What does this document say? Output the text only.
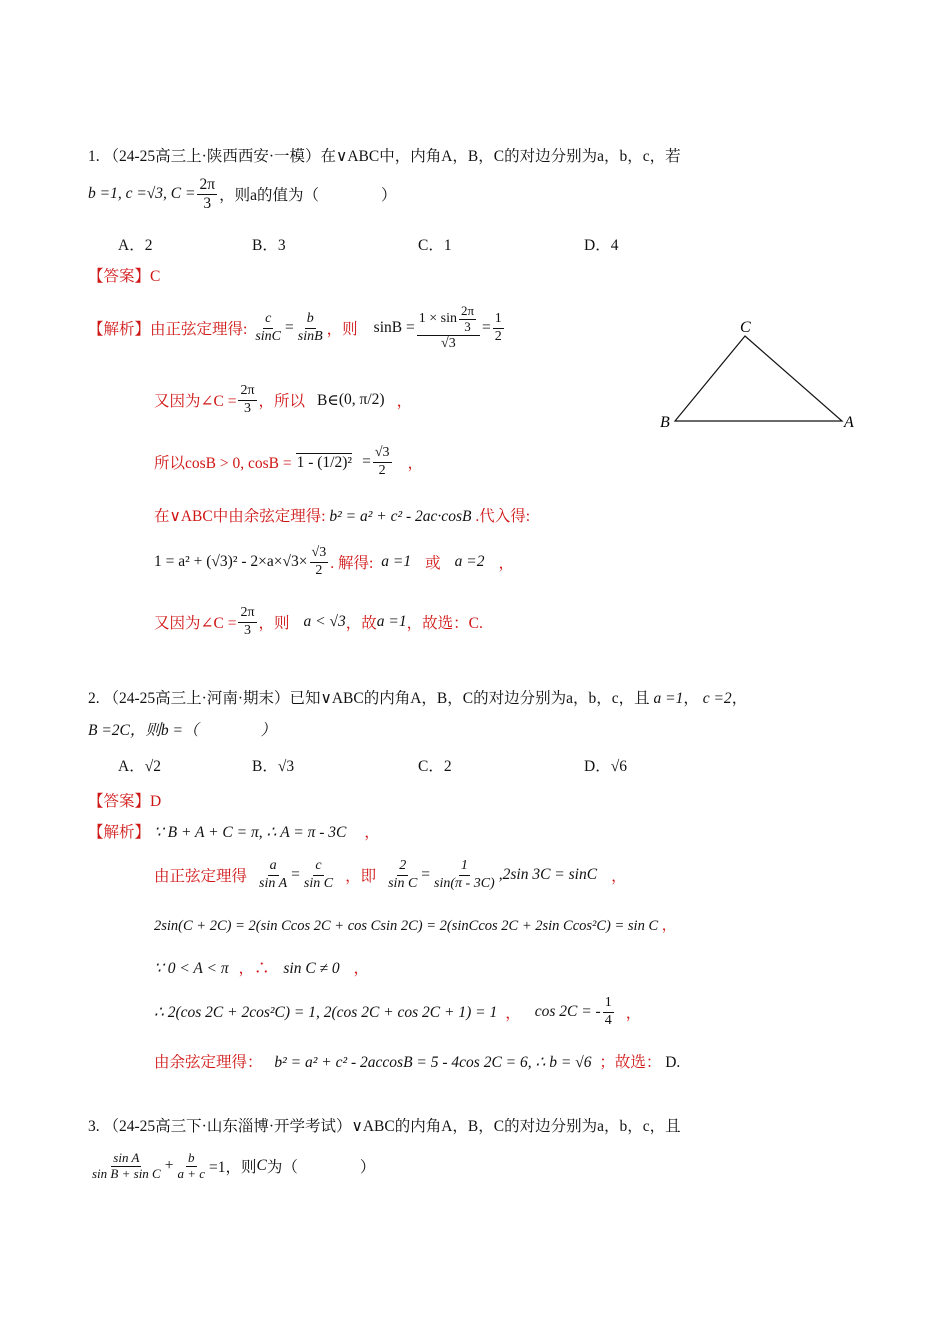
1. （24-25高三上·陕西西安·一模）在∨ABC中，内角A，B，C的对边分别为a，b，c，若
b =1, c =√3, $C = \frac{2\pi}{3}$ ，则a的值为（　　　　）
A．2	B．3	C．1	D．4
【答案】C
【解析】 由正弦定理得: $\frac{c}{\sin C} = \frac{b}{\sin B}$ ，则 $\sin B = \frac{1 \times \sin \frac{2\pi}{3}}{√3} = \frac{1}{2}$
又因为∠C = $\frac{2\pi}{3}$ ，所以 B∈ (0, π/2) ，
所以cosB > 0, $\cos B = 1 - (1/2)^2 = \frac{√3}{2}$ ，
在∨ABC中由余弦定理得: b² = a² + c² - 2ac·cosB .代入得:
$1 = a^2 + (√3)^2 - 2\times a\times√3\times \frac{√3}{2}$ . 解得: a =1 或 a =2 ，
又因为∠C = $\frac{2\pi}{3}$ ，则 a < √3 ，故 a =1 ，故选：C.
C
B	A
2. （24-25高三上·河南·期末）已知∨ABC的内角A，B，C的对边分别为a，b，c，且 a =1， c =2，
B =2C，则b =（　　　　）
A．√2	B．√3	C．2	D．√6
【答案】D
【解析】 ∵ B + A + C = π, ∴ A = π - 3C ，
由正弦定理得 $\frac{a}{\text{sin A}} = \frac{c}{\text{sin C}}$ ，即 $\frac{2}{\text{sin C}} = \frac{1}{\sin(\pi - 3C)} ,2\sin$ 3C = sinC ，
2sin(C + 2C) = 2(sin Ccos 2C + cos Csin 2C) = 2(sinCcos 2C + 2sin Ccos²C) = sin C ，
∵ 0 < A < π ，∴ sin C ≠ 0 ，
∴ 2(cos 2C + 2cos²C) = 1, 2(cos 2C + cos 2C + 1) = 1 ， cos 2C = - $\frac{1}{4}$ ，
由余弦定理得： b² = a² + c² - 2accosB = 5 - 4cos 2C = 6, ∴ b = √6 ；故选： D.
3. （24-25高三下·山东淄博·开学考试）∨ABC的内角A，B，C的对边分别为a，b，c，且
$\frac{\text{sin A}}{\text{sin B + sin C}} + \frac{b}{a + c} =1$，则 C 为（　　　　）
